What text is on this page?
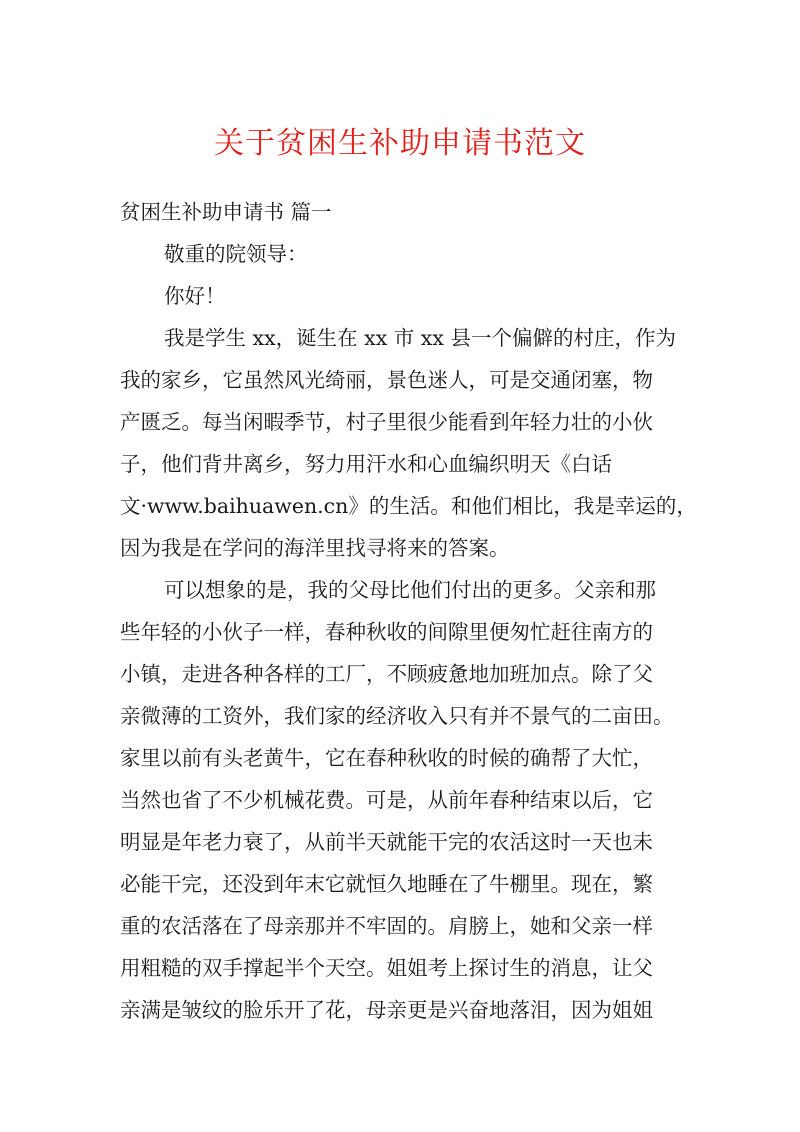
关于贫困生补助申请书范文

贫困生补助申请书 篇一

敬重的院领导：

你好！

我是学生 xx，诞生在 xx 市 xx 县一个偏僻的村庄，作为

我的家乡，它虽然风光绮丽，景色迷人，可是交通闭塞，物

产匮乏。每当闲暇季节，村子里很少能看到年轻力壮的小伙

子，他们背井离乡，努力用汗水和心血编织明天《白话

文·www.baihuawen.cn》的生活。和他们相比，我是幸运的，

因为我是在学问的海洋里找寻将来的答案。

可以想象的是，我的父母比他们付出的更多。父亲和那

些年轻的小伙子一样，春种秋收的间隙里便匆忙赶往南方的

小镇，走进各种各样的工厂，不顾疲惫地加班加点。除了父

亲微薄的工资外，我们家的经济收入只有并不景气的二亩田。

家里以前有头老黄牛，它在春种秋收的时候的确帮了大忙，

当然也省了不少机械花费。可是，从前年春种结束以后，它

明显是年老力衰了，从前半天就能干完的农活这时一天也未

必能干完，还没到年末它就恒久地睡在了牛棚里。现在，繁

重的农活落在了母亲那并不牢固的。肩膀上，她和父亲一样

用粗糙的双手撑起半个天空。姐姐考上探讨生的消息，让父

亲满是皱纹的脸乐开了花，母亲更是兴奋地落泪，因为姐姐
